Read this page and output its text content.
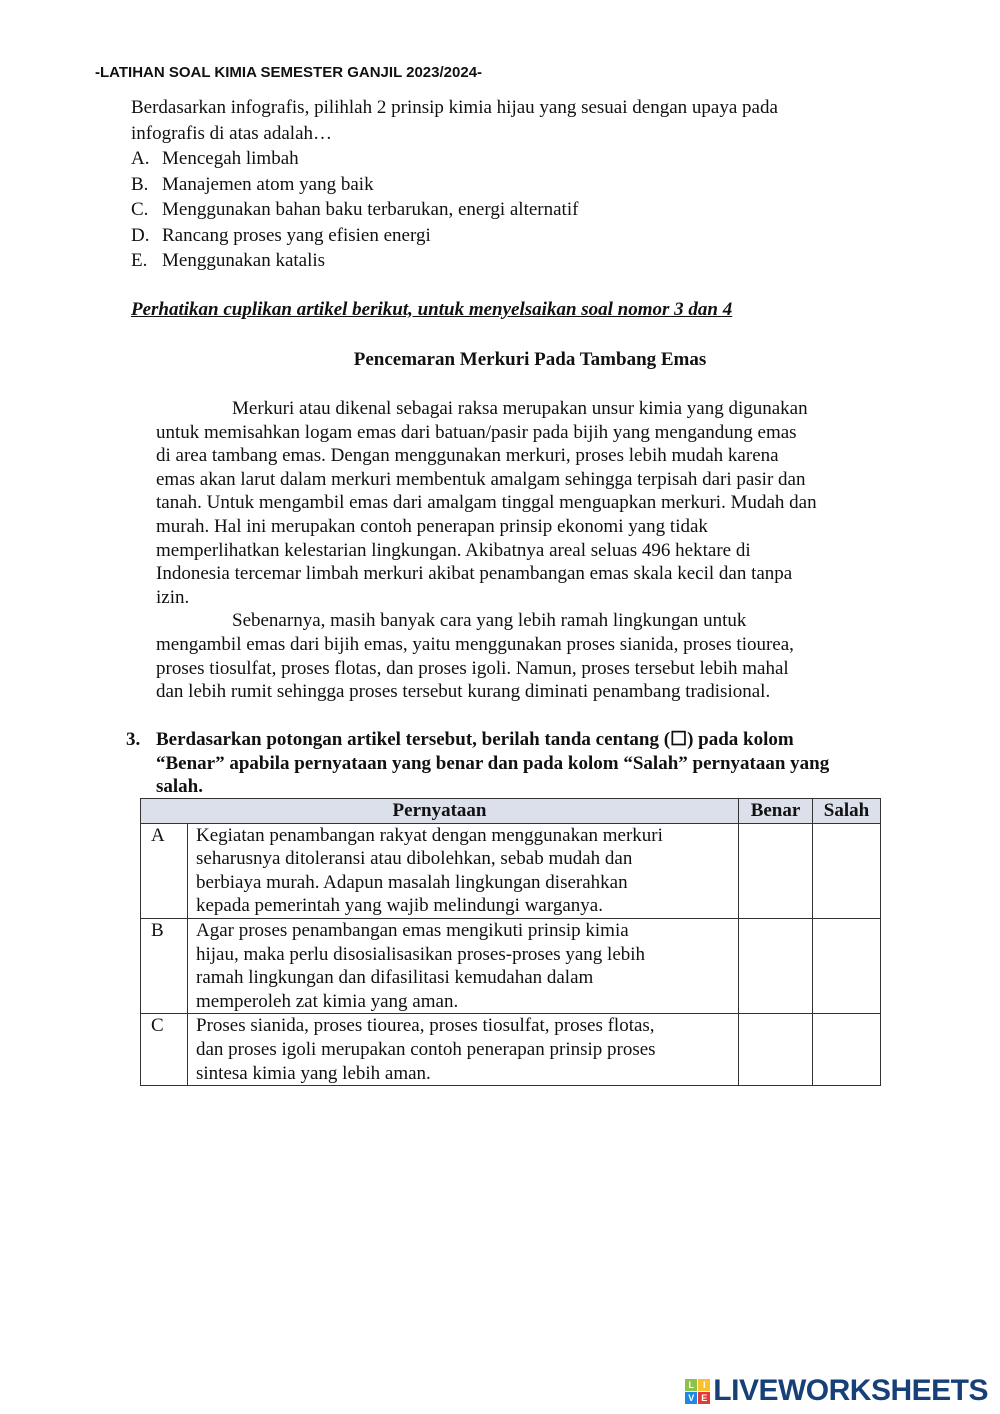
-LATIHAN SOAL KIMIA SEMESTER GANJIL 2023/2024-
Berdasarkan infografis, pilihlah 2 prinsip kimia hijau yang sesuai dengan upaya pada
infografis di atas adalah…
A. Mencegah limbah
B. Manajemen atom yang baik
C. Menggunakan bahan baku terbarukan, energi alternatif
D. Rancang proses yang efisien energi
E. Menggunakan katalis
Perhatikan cuplikan artikel berikut, untuk menyelsaikan soal nomor 3 dan 4
Pencemaran Merkuri Pada Tambang Emas
Merkuri atau dikenal sebagai raksa merupakan unsur kimia yang digunakan
untuk memisahkan logam emas dari batuan/pasir pada bijih yang mengandung emas
di area tambang emas. Dengan menggunakan merkuri, proses lebih mudah karena
emas akan larut dalam merkuri membentuk amalgam sehingga terpisah dari pasir dan
tanah. Untuk mengambil emas dari amalgam tinggal menguapkan merkuri. Mudah dan
murah. Hal ini merupakan contoh penerapan prinsip ekonomi yang tidak
memperlihatkan kelestarian lingkungan. Akibatnya areal seluas 496 hektare di
Indonesia tercemar limbah merkuri akibat penambangan emas skala kecil dan tanpa
izin.
Sebenarnya, masih banyak cara yang lebih ramah lingkungan untuk
mengambil emas dari bijih emas, yaitu menggunakan proses sianida, proses tiourea,
proses tiosulfat, proses flotas, dan proses igoli. Namun, proses tersebut lebih mahal
dan lebih rumit sehingga proses tersebut kurang diminati penambang tradisional.
3. Berdasarkan potongan artikel tersebut, berilah tanda centang (☐) pada kolom
“Benar” apabila pernyataan yang benar dan pada kolom “Salah” pernyataan yang
salah.
Pernyataan		Benar	Salah
A	Kegiatan penambangan rakyat dengan menggunakan merkuri
seharusnya ditoleransi atau dibolehkan, sebab mudah dan
berbiaya murah. Adapun masalah lingkungan diserahkan
kepada pemerintah yang wajib melindungi warganya.		

B	Agar proses penambangan emas mengikuti prinsip kimia
hijau, maka perlu disosialisasikan proses-proses yang lebih
ramah lingkungan dan difasilitasi kemudahan dalam
memperoleh zat kimia yang aman.		

C	Proses sianida, proses tiourea, proses tiosulfat, proses flotas,
dan proses igoli merupakan contoh penerapan prinsip proses
sintesa kimia yang lebih aman.		

L I
V E LIVEWORKSHEETS
